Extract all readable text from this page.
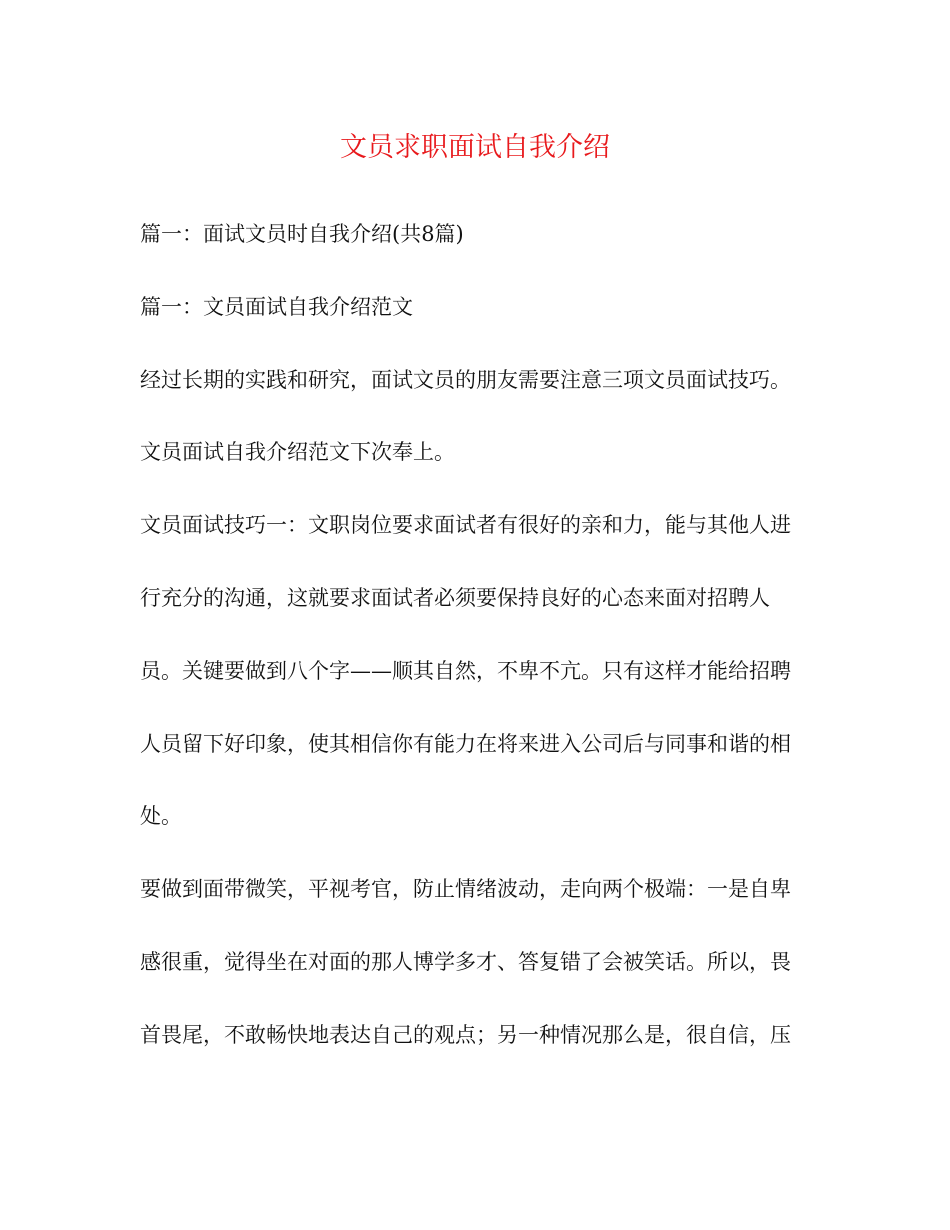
文员求职面试自我介绍
篇一：面试文员时自我介绍(共8篇)
篇一：文员面试自我介绍范文
经过长期的实践和研究，面试文员的朋友需要注意三项文员面试技巧。
文员面试自我介绍范文下次奉上。
文员面试技巧一：文职岗位要求面试者有很好的亲和力，能与其他人进
行充分的沟通，这就要求面试者必须要保持良好的心态来面对招聘人
员。关键要做到八个字——顺其自然，不卑不亢。只有这样才能给招聘
人员留下好印象，使其相信你有能力在将来进入公司后与同事和谐的相
处。
要做到面带微笑，平视考官，防止情绪波动，走向两个极端：一是自卑
感很重，觉得坐在对面的那人博学多才、答复错了会被笑话。所以，畏
首畏尾，不敢畅快地表达自己的观点；另一种情况那么是，很自信，压
